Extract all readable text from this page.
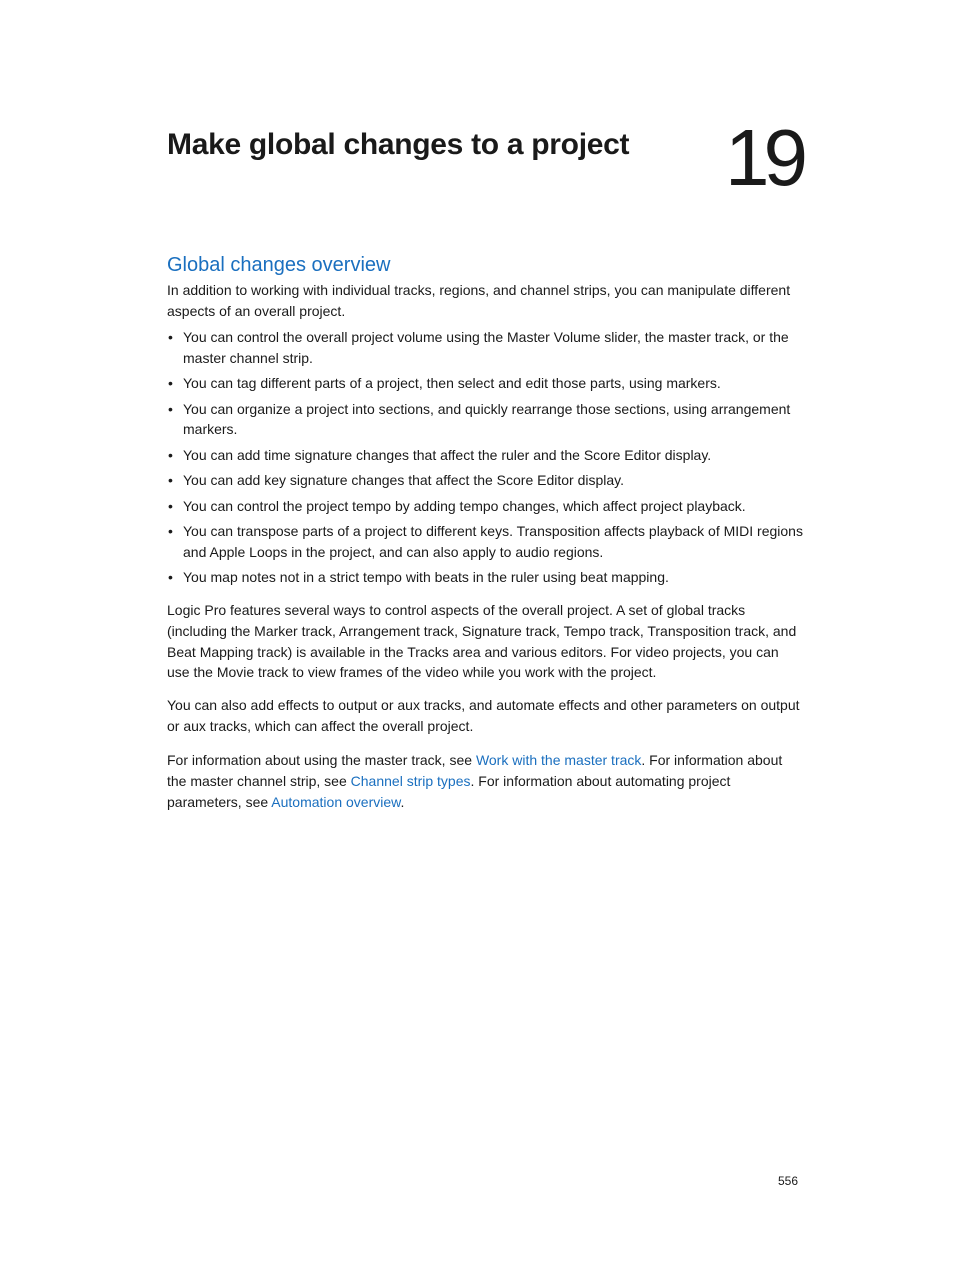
Make global changes to a project 19
Global changes overview

In addition to working with individual tracks, regions, and channel strips, you can manipulate different aspects of an overall project.

• You can control the overall project volume using the Master Volume slider, the master track, or the master channel strip.
• You can tag different parts of a project, then select and edit those parts, using markers.
• You can organize a project into sections, and quickly rearrange those sections, using arrangement markers.
• You can add time signature changes that affect the ruler and the Score Editor display.
• You can add key signature changes that affect the Score Editor display.
• You can control the project tempo by adding tempo changes, which affect project playback.
• You can transpose parts of a project to different keys. Transposition affects playback of MIDI regions and Apple Loops in the project, and can also apply to audio regions.
• You map notes not in a strict tempo with beats in the ruler using beat mapping.

Logic Pro features several ways to control aspects of the overall project. A set of global tracks (including the Marker track, Arrangement track, Signature track, Tempo track, Transposition track, and Beat Mapping track) is available in the Tracks area and various editors. For video projects, you can use the Movie track to view frames of the video while you work with the project.

You can also add effects to output or aux tracks, and automate effects and other parameters on output or aux tracks, which can affect the overall project.

For information about using the master track, see Work with the master track. For information about the master channel strip, see Channel strip types. For information about automating project parameters, see Automation overview.

556
